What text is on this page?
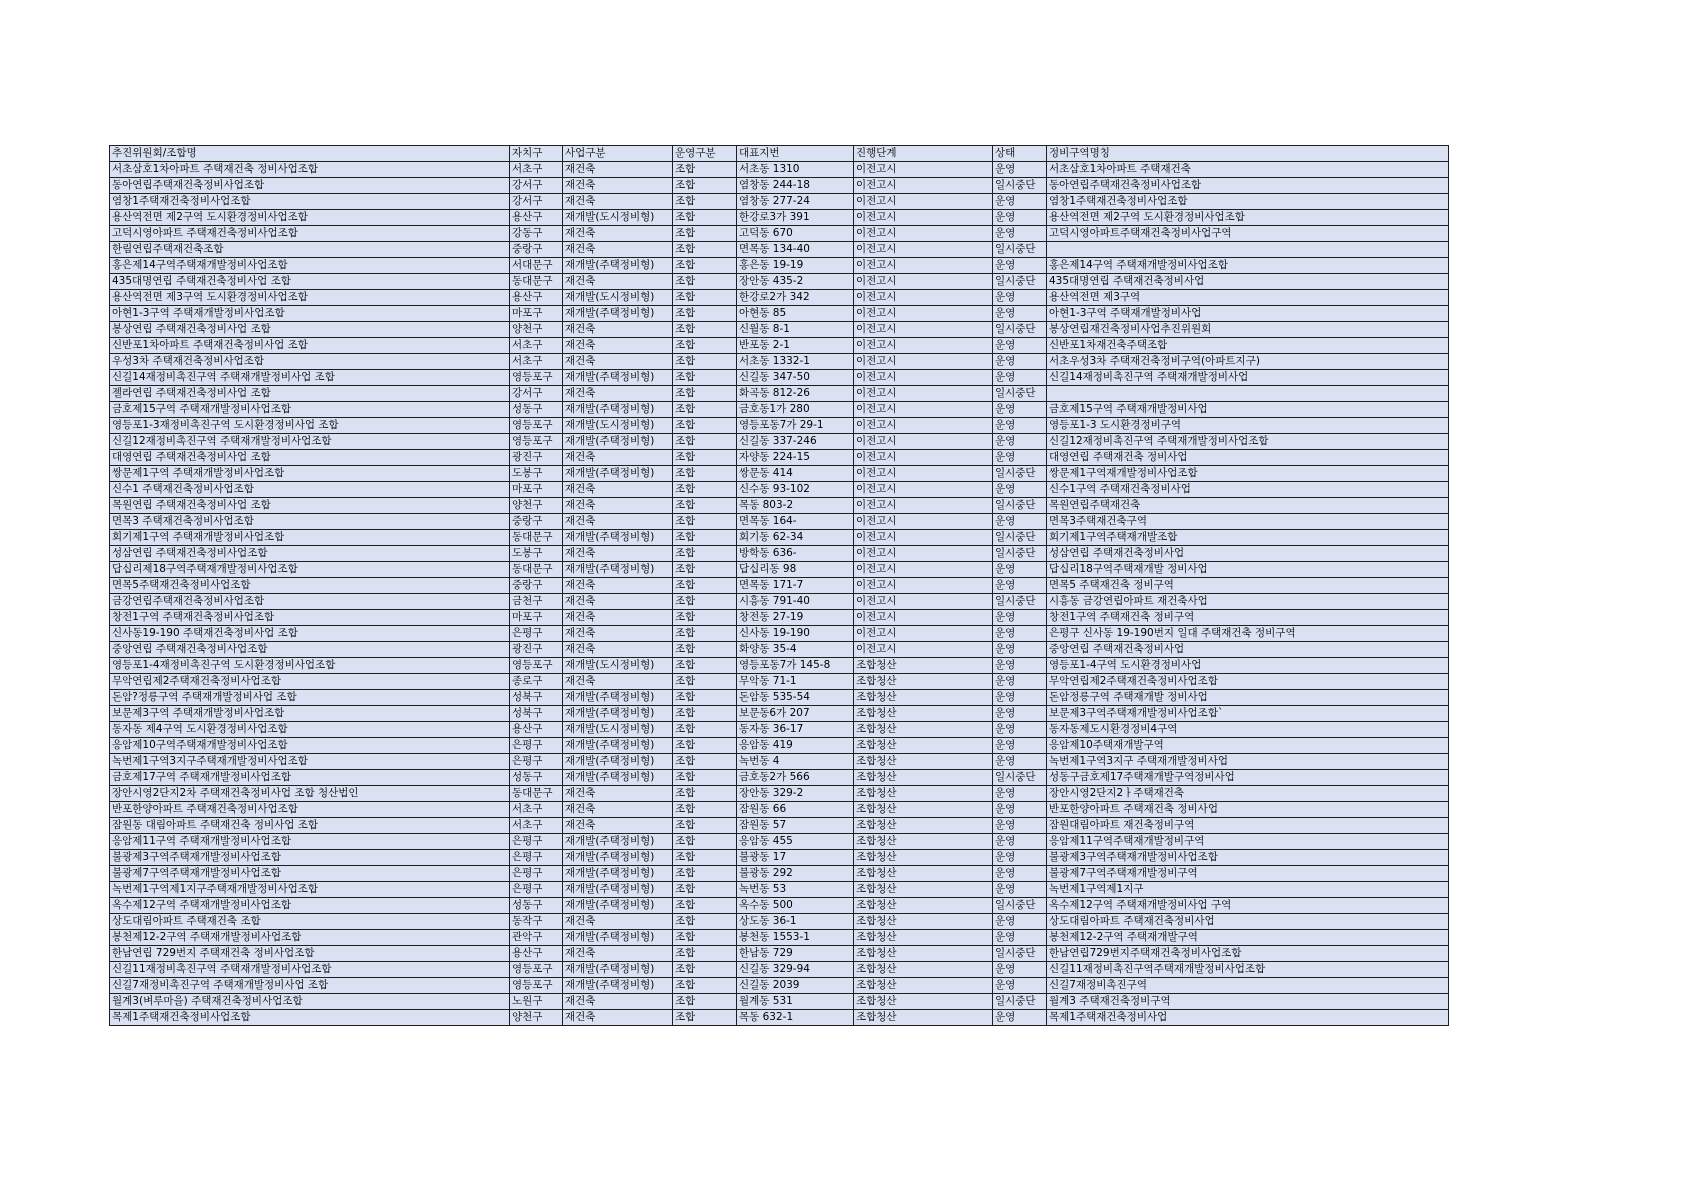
추진위원회/조합명	자치구	사업구분	운영구분	대표지번	진행단계	상태	정비구역명칭
서초삼호1차아파트 주택재건축 정비사업조합	서초구	재건축	조합	서초동 1310	이전고시	운영	서초삼호1차아파트 주택재건축
동아연립주택재건축정비사업조합	강서구	재건축	조합	염창동 244-18	이전고시	일시중단	동아연립주택재건축정비사업조합
염창1주택재건축정비사업조합	강서구	재건축	조합	염창동 277-24	이전고시	운영	염창1주택재건축정비사업조합
용산역전면 제2구역 도시환경정비사업조합	용산구	재개발(도시정비형)	조합	한강로3가 391	이전고시	운영	용산역전면 제2구역 도시환경정비사업조합
고덕시영아파트 주택재건축정비사업조합	강동구	재건축	조합	고덕동 670	이전고시	운영	고덕시영아파트주택재건축정비사업구역
한림연립주택재건축조합	중랑구	재건축	조합	면목동 134-40	이전고시	일시중단	
홍은제14구역주택재개발정비사업조합	서대문구	재개발(주택정비형)	조합	홍은동 19-19	이전고시	운영	홍은제14구역 주택재개발정비사업조합
435대명연립 주택재건축정비사업 조합	동대문구	재건축	조합	장안동 435-2	이전고시	일시중단	435대명연립 주택재건축정비사업
용산역전면 제3구역 도시환경정비사업조합	용산구	재개발(도시정비형)	조합	한강로2가 342	이전고시	운영	용산역전면 제3구역
아현1-3구역 주택재개발정비사업조합	마포구	재개발(주택정비형)	조합	아현동 85	이전고시	운영	아현1-3구역 주택재개발정비사업
봉상연립 주택재건축정비사업 조합	양천구	재건축	조합	신월동 8-1	이전고시	일시중단	봉상연립재건축정비사업추진위원회
신반포1차아파트 주택재건축정비사업 조합	서초구	재건축	조합	반포동 2-1	이전고시	운영	신반포1차재건축주택조합
우성3차 주택재건축정비사업조합	서초구	재건축	조합	서초동 1332-1	이전고시	운영	서초우성3차 주택재건축정비구역(아파트지구)
신길14재정비촉진구역 주택재개발정비사업 조합	영등포구	재개발(주택정비형)	조합	신길동 347-50	이전고시	운영	신길14재정비촉진구역 주택재개발정비사업
젤라연립 주택재건축정비사업 조합	강서구	재건축	조합	화곡동 812-26	이전고시	일시중단	
금호제15구역 주택재개발정비사업조합	성동구	재개발(주택정비형)	조합	금호동1가 280	이전고시	운영	금호제15구역 주택재개발정비사업
영등포1-3재정비촉진구역 도시환경정비사업 조합	영등포구	재개발(도시정비형)	조합	영등포동7가 29-1	이전고시	운영	영등포1-3 도시환경정비구역
신길12재정비촉진구역 주택재개발정비사업조합	영등포구	재개발(주택정비형)	조합	신길동 337-246	이전고시	운영	신길12재정비촉진구역 주택재개발정비사업조합
대영연립 주택재건축정비사업 조합	광진구	재건축	조합	자양동 224-15	이전고시	운영	대영연립 주택재건축 정비사업
쌍문제1구역 주택재개발정비사업조합	도봉구	재개발(주택정비형)	조합	쌍문동 414	이전고시	일시중단	쌍문제1구역재개발정비사업조합
신수1 주택재건축정비사업조합	마포구	재건축	조합	신수동 93-102	이전고시	운영	신수1구역 주택재건축정비사업
목원연립 주택재건축정비사업 조합	양천구	재건축	조합	목동 803-2	이전고시	일시중단	목원연립주택재건축
면목3 주택재건축정비사업조합	중랑구	재건축	조합	면목동 164-	이전고시	운영	면목3주택재건축구역
회기제1구역 주택재개발정비사업조합	동대문구	재개발(주택정비형)	조합	회기동 62-34	이전고시	일시중단	회기제1구역주택재개발조합
성삼연립 주택재건축정비사업조합	도봉구	재건축	조합	방학동 636-	이전고시	일시중단	성삼연립 주택재건축정비사업
답십리제18구역주택재개발정비사업조합	동대문구	재개발(주택정비형)	조합	답십리동 98	이전고시	운영	답십리18구역주택재개발 정비사업
면목5주택재건축정비사업조합	중랑구	재건축	조합	면목동 171-7	이전고시	운영	면목5 주택재건축 정비구역
금강연립주택재건축정비사업조합	금천구	재건축	조합	시흥동 791-40	이전고시	일시중단	시흥동 금강연립아파트 재건축사업
창전1구역 주택재건축정비사업조합	마포구	재건축	조합	창전동 27-19	이전고시	운영	창전1구역 주택재건축 정비구역
신사동19-190 주택재건축정비사업 조합	은평구	재건축	조합	신사동 19-190	이전고시	운영	은평구 신사동 19-190번지 일대 주택재건축 정비구역
중앙연립 주택재건축정비사업조합	광진구	재건축	조합	화양동 35-4	이전고시	운영	중앙연립 주택재건축정비사업
영등포1-4재정비촉진구역 도시환경정비사업조합	영등포구	재개발(도시정비형)	조합	영등포동7가 145-8	조합청산	운영	영등포1-4구역 도시환경정비사업
무악연립제2주택재건축정비사업조합	종로구	재건축	조합	무악동 71-1	조합청산	운영	무악연립제2주택재건축정비사업조합
돈암?정릉구역 주택재개발정비사업 조합	성북구	재개발(주택정비형)	조합	돈암동 535-54	조합청산	운영	돈암정릉구역 주택재개발 정비사업
보문제3구역 주택재개발정비사업조합	성북구	재개발(주택정비형)	조합	보문동6가 207	조합청산	운영	보문제3구역주택재개발정비사업조합`
동자동 제4구역 도시환경정비사업조합	용산구	재개발(도시정비형)	조합	동자동 36-17	조합청산	운영	동자동제도시환경정비4구역
응암제10구역주택재개발정비사업조합	은평구	재개발(주택정비형)	조합	응암동 419	조합청산	운영	응암제10주택재개발구역
녹번제1구역3지구주택재개발정비사업조합	은평구	재개발(주택정비형)	조합	녹번동 4	조합청산	운영	녹번제1구역3지구 주택재개발정비사업
금호제17구역 주택재개발정비사업조합	성동구	재개발(주택정비형)	조합	금호동2가 566	조합청산	일시중단	성동구금호제17주택재개발구역정비사업
장안시영2단지2차 주택재건축정비사업 조합 청산법인	동대문구	재건축	조합	장안동 329-2	조합청산	운영	장안시영2단지2ㅏ주택재건축
반포한양아파트 주택재건축정비사업조합	서초구	재건축	조합	잠원동 66	조합청산	운영	반포한양아파트 주택재건축 정비사업
잠원동 대림아파트 주택재건축 정비사업 조합	서초구	재건축	조합	잠원동 57	조합청산	운영	잠원대림아파트 재건축정비구역
응암제11구역 주택재개발정비사업조합	은평구	재개발(주택정비형)	조합	응암동 455	조합청산	운영	응암제11구역주택재개발정비구역
불광제3구역주택재개발정비사업조합	은평구	재개발(주택정비형)	조합	불광동 17	조합청산	운영	불광제3구역주택재개발정비사업조합
불광제7구역주택재개발정비사업조합	은평구	재개발(주택정비형)	조합	불광동 292	조합청산	운영	불광제7구역주택재개발정비구역
녹번제1구역제1지구주택재개발정비사업조합	은평구	재개발(주택정비형)	조합	녹번동 53	조합청산	운영	녹번제1구역제1지구
옥수제12구역 주택재개발정비사업조합	성동구	재개발(주택정비형)	조합	옥수동 500	조합청산	일시중단	옥수제12구역 주택재개발정비사업 구역
상도대림아파트 주택재건축 조합	동작구	재건축	조합	상도동 36-1	조합청산	운영	상도대림아파트 주택재건축정비사업
봉천제12-2구역 주택재개발정비사업조합	관악구	재개발(주택정비형)	조합	봉천동 1553-1	조합청산	운영	봉천제12-2구역 주택재개발구역
한남연립 729번지 주택재건축 정비사업조합	용산구	재건축	조합	한남동 729	조합청산	일시중단	한남연립729번지주택재건축정비사업조합
신길11재정비촉진구역 주택재개발정비사업조합	영등포구	재개발(주택정비형)	조합	신길동 329-94	조합청산	운영	신길11재정비촉진구역주택재개발정비사업조합
신길7재정비촉진구역 주택재개발정비사업 조합	영등포구	재개발(주택정비형)	조합	신길동 2039	조합청산	운영	신길7재정비촉진구역
월계3(벼루마을) 주택재건축정비사업조합	노원구	재건축	조합	월계동 531	조합청산	일시중단	월계3 주택재건축정비구역
목제1주택재건축정비사업조합	양천구	재건축	조합	목동 632-1	조합청산	운영	목제1주택재건축정비사업
